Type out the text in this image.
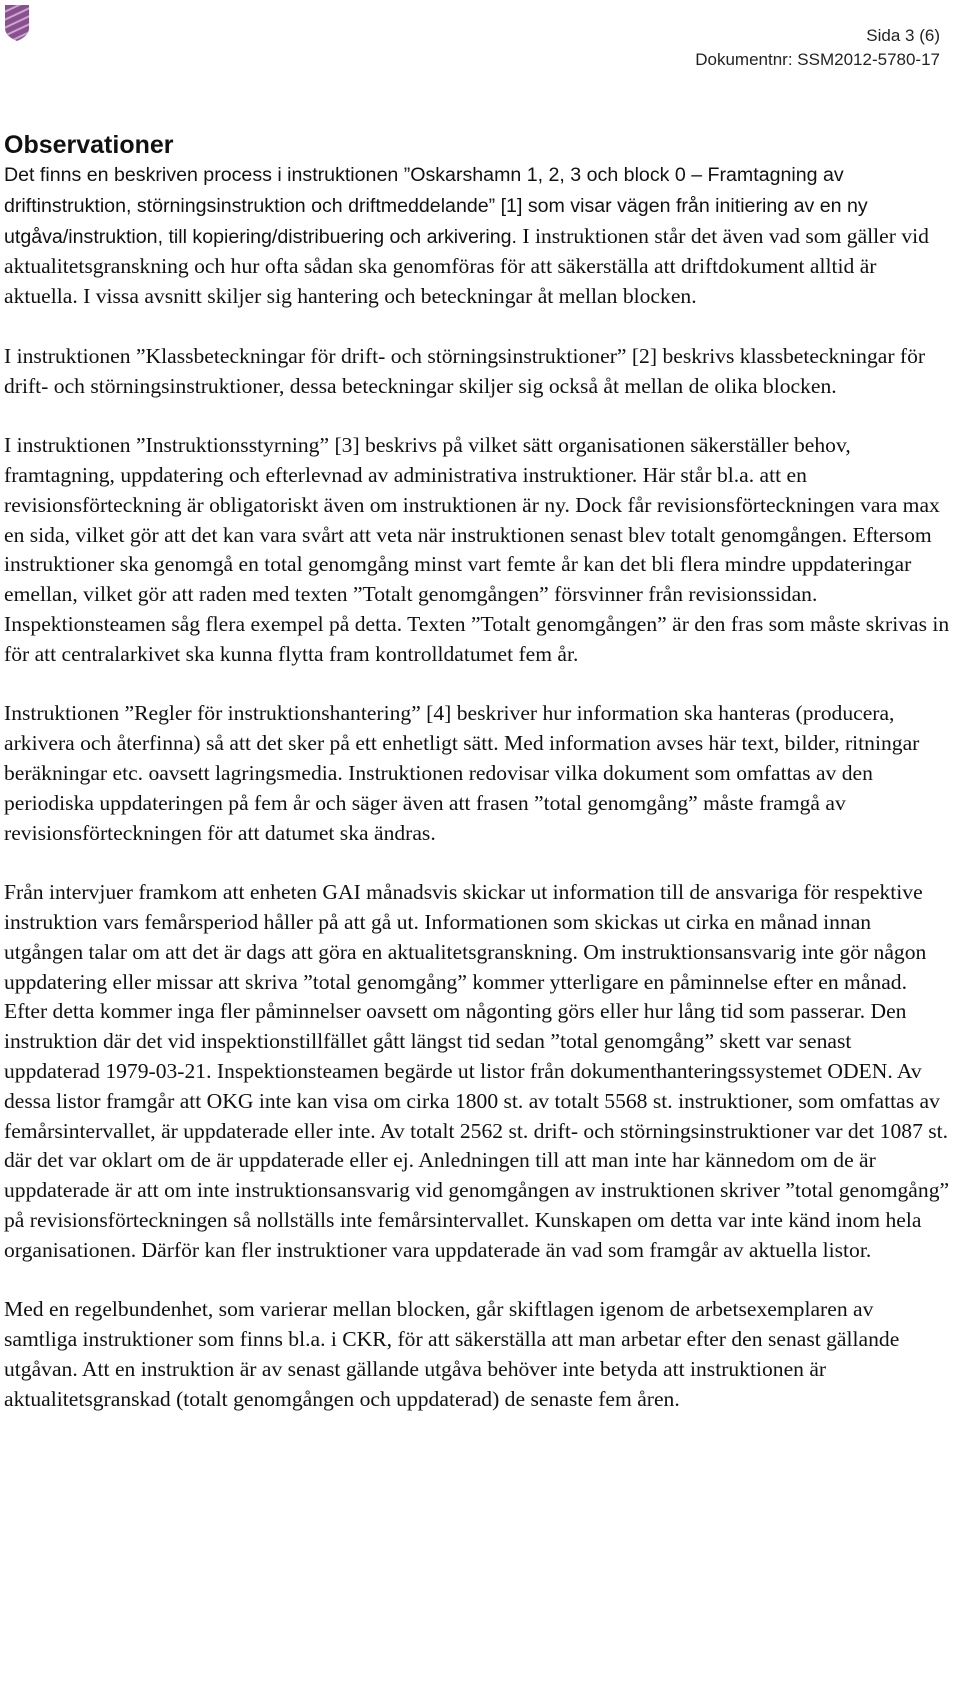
Sida 3 (6)
Dokumentnr: SSM2012-5780-17
Observationer

Det finns en beskriven process i instruktionen ”Oskarshamn 1, 2, 3 och block 0 – Framtagning av driftinstruktion, störningsinstruktion och driftmeddelande” [1] som visar vägen från initiering av en ny utgåva/instruktion, till kopiering/distribuering och arkivering. I instruktionen står det även vad som gäller vid aktualitetsgranskning och hur ofta sådan ska genomföras för att säkerställa att driftdokument alltid är aktuella. I vissa avsnitt skiljer sig hantering och beteckningar åt mellan blocken.

I instruktionen ”Klassbeteckningar för drift- och störningsinstruktioner” [2] beskrivs klassbeteckningar för drift- och störningsinstruktioner, dessa beteckningar skiljer sig också åt mellan de olika blocken.

I instruktionen ”Instruktionsstyrning” [3] beskrivs på vilket sätt organisationen säkerställer behov, framtagning, uppdatering och efterlevnad av administrativa instruktioner. Här står bl.a. att en revisionsförteckning är obligatoriskt även om instruktionen är ny. Dock får revisionsförteckningen vara max en sida, vilket gör att det kan vara svårt att veta när instruktionen senast blev totalt genomgången. Eftersom instruktioner ska genomgå en total genomgång minst vart femte år kan det bli flera mindre uppdateringar emellan, vilket gör att raden med texten ”Totalt genomgången” försvinner från revisionssidan. Inspektionsteamen såg flera exempel på detta. Texten ”Totalt genomgången” är den fras som måste skrivas in för att centralarkivet ska kunna flytta fram kontrolldatumet fem år.

Instruktionen ”Regler för instruktionshantering” [4] beskriver hur information ska hanteras (producera, arkivera och återfinna) så att det sker på ett enhetligt sätt. Med information avses här text, bilder, ritningar beräkningar etc. oavsett lagringsmedia. Instruktionen redovisar vilka dokument som omfattas av den periodiska uppdateringen på fem år och säger även att frasen ”total genomgång” måste framgå av revisionsförteckningen för att datumet ska ändras.

Från intervjuer framkom att enheten GAI månadsvis skickar ut information till de ansvariga för respektive instruktion vars femårsperiod håller på att gå ut. Informationen som skickas ut cirka en månad innan utgången talar om att det är dags att göra en aktualitetsgranskning. Om instruktionsansvarig inte gör någon uppdatering eller missar att skriva ”total genomgång” kommer ytterligare en påminnelse efter en månad. Efter detta kommer inga fler påminnelser oavsett om någonting görs eller hur lång tid som passerar. Den instruktion där det vid inspektionstillfället gått längst tid sedan ”total genomgång” skett var senast uppdaterad 1979-03-21. Inspektionsteamen begärde ut listor från dokumenthanteringssystemet ODEN. Av dessa listor framgår att OKG inte kan visa om cirka 1800 st. av totalt 5568 st. instruktioner, som omfattas av femårsintervallet, är uppdaterade eller inte. Av totalt 2562 st. drift- och störningsinstruktioner var det 1087 st. där det var oklart om de är uppdaterade eller ej. Anledningen till att man inte har kännedom om de är uppdaterade är att om inte instruktionsansvarig vid genomgången av instruktionen skriver ”total genomgång” på revisionsförteckningen så nollställs inte femårsintervallet. Kunskapen om detta var inte känd inom hela organisationen. Därför kan fler instruktioner vara uppdaterade än vad som framgår av aktuella listor.

Med en regelbundenhet, som varierar mellan blocken, går skiftlagen igenom de arbetsexemplaren av samtliga instruktioner som finns bl.a. i CKR, för att säkerställa att man arbetar efter den senast gällande utgåvan. Att en instruktion är av senast gällande utgåva behöver inte betyda att instruktionen är aktualitetsgranskad (totalt genomgången och uppdaterad) de senaste fem åren.
